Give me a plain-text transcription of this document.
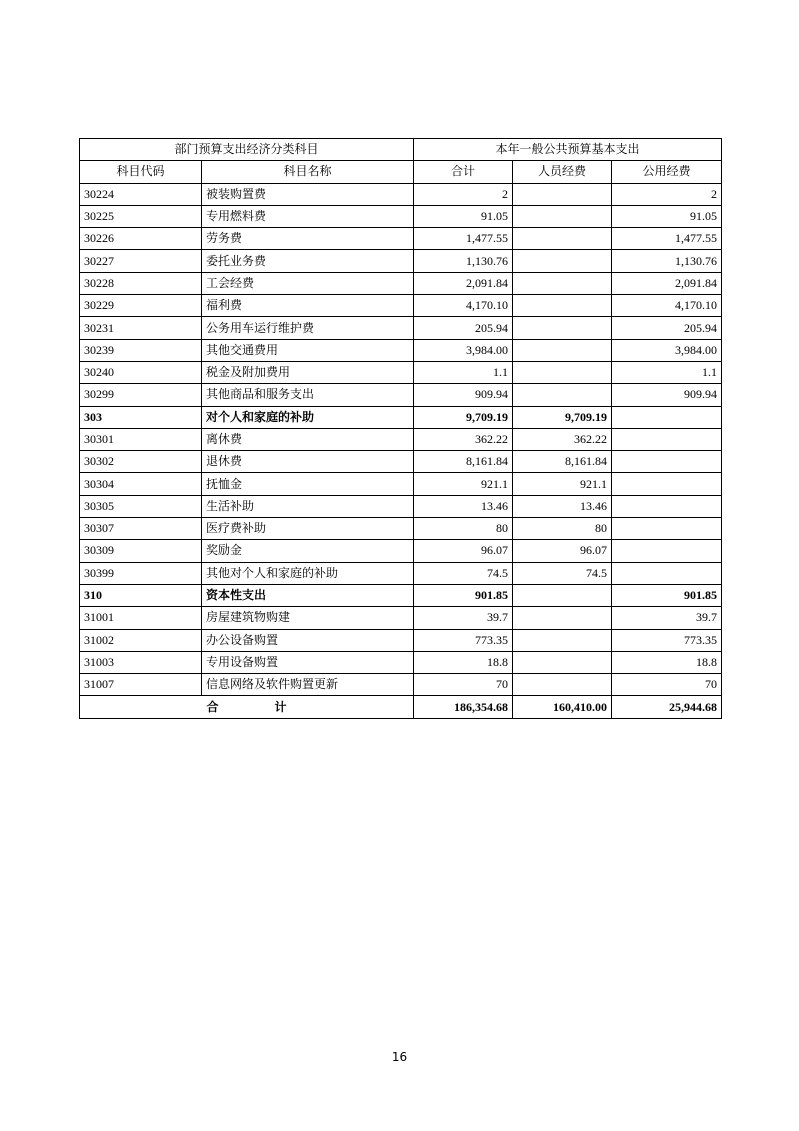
部门预算支出经济分类科目		本年一般公共预算基本支出		
科目代码	科目名称	合计	人员经费	公用经费
30224	被装购置费	2		2
30225	专用燃料费	91.05		91.05
30226	劳务费	1,477.55		1,477.55
30227	委托业务费	1,130.76		1,130.76
30228	工会经费	2,091.84		2,091.84
30229	福利费	4,170.10		4,170.10
30231	公务用车运行维护费	205.94		205.94
30239	其他交通费用	3,984.00		3,984.00
30240	税金及附加费用	1.1		1.1
30299	其他商品和服务支出	909.94		909.94
303	对个人和家庭的补助	9,709.19	9,709.19	
30301	离休费	362.22	362.22	
30302	退休费	8,161.84	8,161.84	
30304	抚恤金	921.1	921.1	
30305	生活补助	13.46	13.46	
30307	医疗费补助	80	80	
30309	奖励金	96.07	96.07	
30399	其他对个人和家庭的补助	74.5	74.5	
310	资本性支出	901.85		901.85
31001	房屋建筑物购建	39.7		39.7
31002	办公设备购置	773.35		773.35
31003	专用设备购置	18.8		18.8
31007	信息网络及软件购置更新	70		70
合 计		186,354.68	160,410.00	25,944.68
16
